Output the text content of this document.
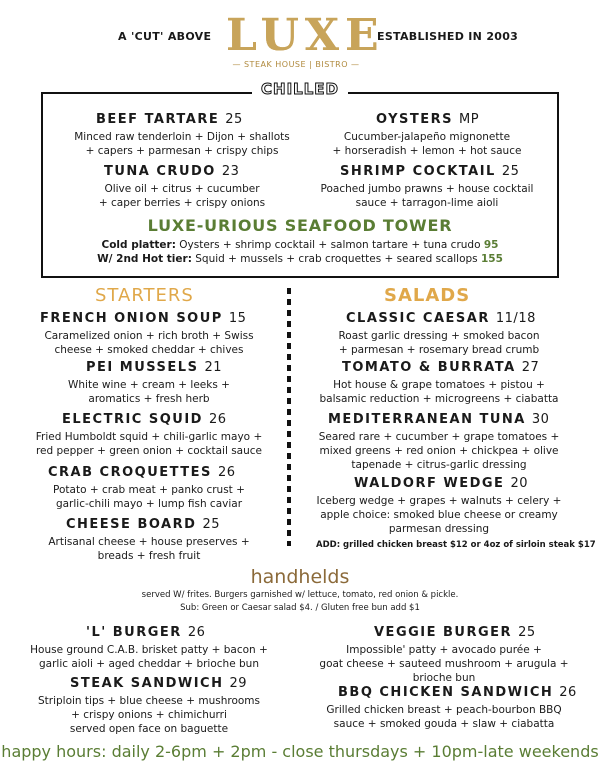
A 'CUT' ABOVE	ESTABLISHED IN 2003
LUXE
— STEAK HOUSE | BISTRO —
CHILLED
BEEF TARTARE 25
Minced raw tenderloin + Dijon + shallots
+ capers + parmesan + crispy chips
OYSTERS MP
Cucumber-jalapeño mignonette
+ horseradish + lemon + hot sauce
TUNA CRUDO 23
Olive oil + citrus + cucumber
+ caper berries + crispy onions
SHRIMP COCKTAIL 25
Poached jumbo prawns + house cocktail
sauce + tarragon-lime aioli
LUXE-URIOUS SEAFOOD TOWER
Cold platter: Oysters + shrimp cocktail + salmon tartare + tuna crudo 95
W/ 2nd Hot tier: Squid + mussels + crab croquettes + seared scallops 155
STARTERS	SALADS
FRENCH ONION SOUP 15
Caramelized onion + rich broth + Swiss
cheese + smoked cheddar + chives
PEI MUSSELS 21
White wine + cream + leeks +
aromatics + fresh herb
ELECTRIC SQUID 26
Fried Humboldt squid + chili-garlic mayo +
red pepper + green onion + cocktail sauce
CRAB CROQUETTES 26
Potato + crab meat + panko crust +
garlic-chili mayo + lump fish caviar
CHEESE BOARD 25
Artisanal cheese + house preserves +
breads + fresh fruit
CLASSIC CAESAR 11/18
Roast garlic dressing + smoked bacon
+ parmesan + rosemary bread crumb
TOMATO & BURRATA 27
Hot house & grape tomatoes + pistou +
balsamic reduction + microgreens + ciabatta
MEDITERRANEAN TUNA 30
Seared rare + cucumber + grape tomatoes +
mixed greens + red onion + chickpea + olive
tapenade + citrus-garlic dressing
WALDORF WEDGE 20
Iceberg wedge + grapes + walnuts + celery +
apple choice: smoked blue cheese or creamy
parmesan dressing
ADD: grilled chicken breast $12 or 4oz of sirloin steak $17
handhelds
served W/ frites. Burgers garnished w/ lettuce, tomato, red onion & pickle.
Sub: Green or Caesar salad $4. / Gluten free bun add $1
'L' BURGER 26
House ground C.A.B. brisket patty + bacon +
garlic aioli + aged cheddar + brioche bun
VEGGIE BURGER 25
Impossible' patty + avocado purée +
goat cheese + sauteed mushroom + arugula +
brioche bun
STEAK SANDWICH 29
Striploin tips + blue cheese + mushrooms
+ crispy onions + chimichurri
served open face on baguette
BBQ CHICKEN SANDWICH 26
Grilled chicken breast + peach-bourbon BBQ
sauce + smoked gouda + slaw + ciabatta
happy hours: daily 2-6pm + 2pm - close thursdays + 10pm-late weekends
